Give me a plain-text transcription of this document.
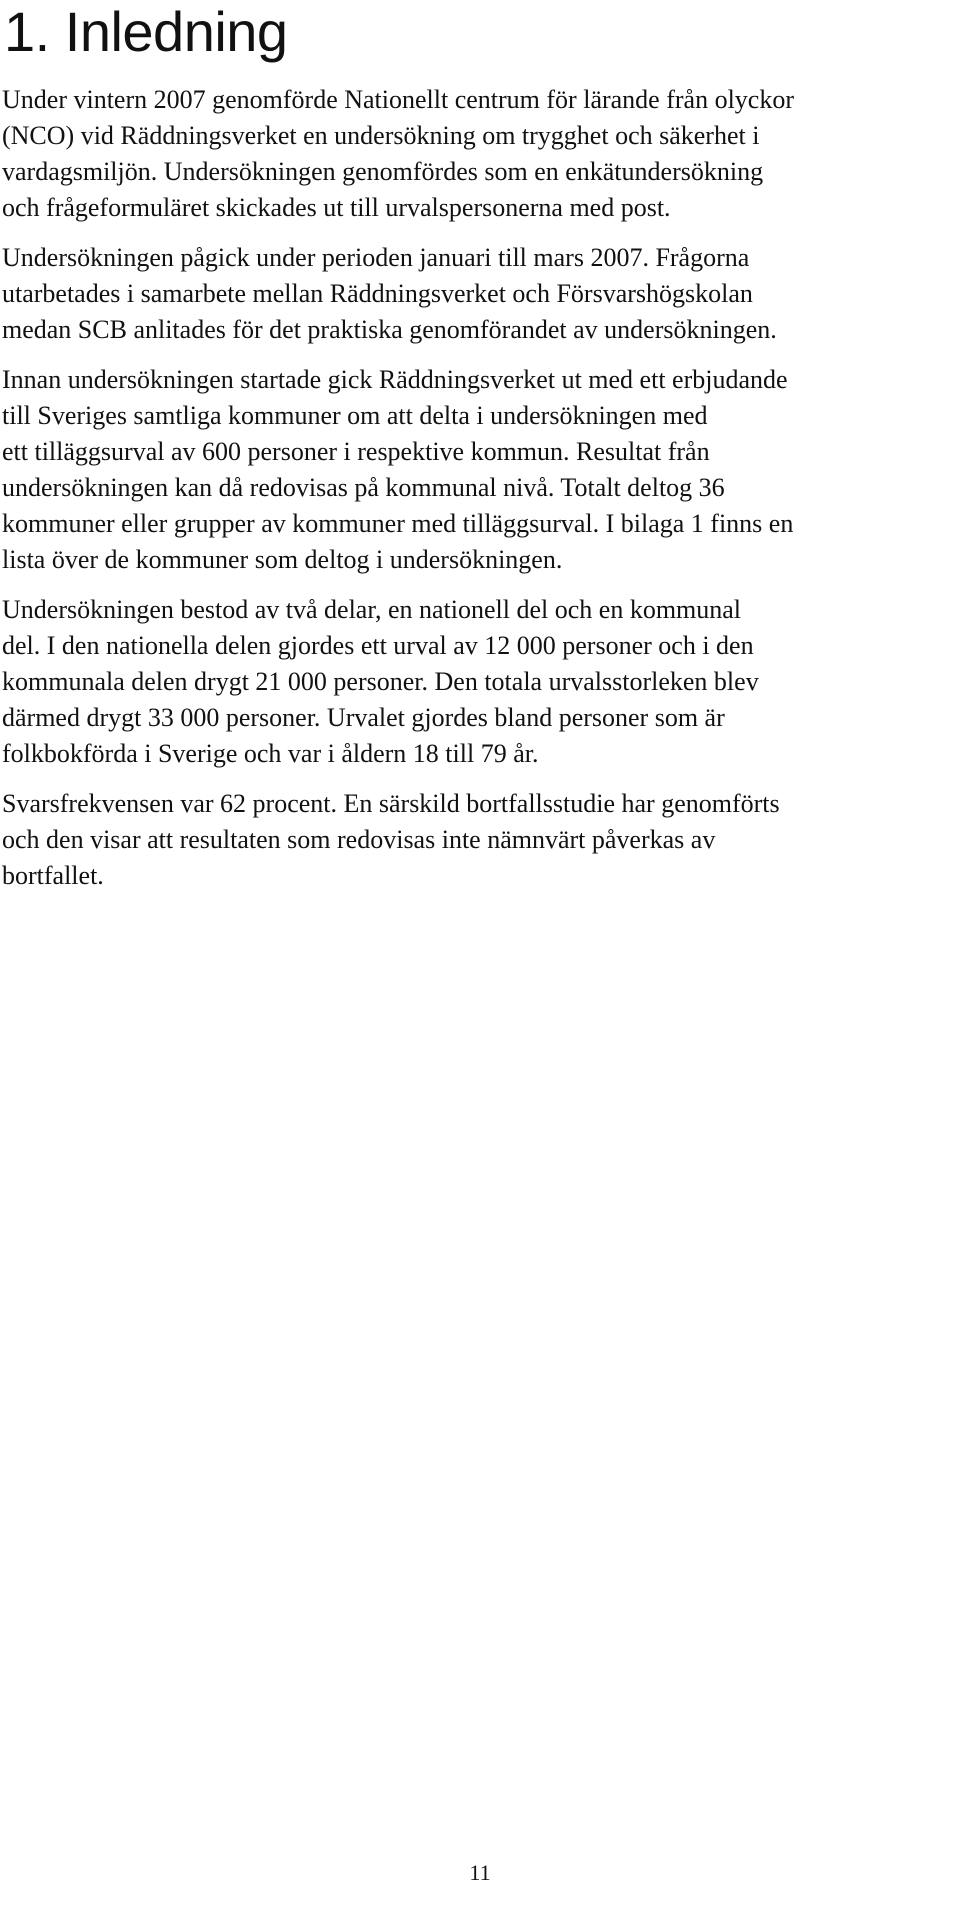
1. Inledning

Under vintern 2007 genomförde Nationellt centrum för lärande från olyckor
(NCO) vid Räddningsverket en undersökning om trygghet och säkerhet i
vardagsmiljön. Undersökningen genomfördes som en enkätundersökning
och frågeformuläret skickades ut till urvalspersonerna med post.

Undersökningen pågick under perioden januari till mars 2007. Frågorna
utarbetades i samarbete mellan Räddningsverket och Försvarshögskolan
medan SCB anlitades för det praktiska genomförandet av undersökningen.

Innan undersökningen startade gick Räddningsverket ut med ett erbjudande
till Sveriges samtliga kommuner om att delta i undersökningen med
ett tilläggsurval av 600 personer i respektive kommun. Resultat från
undersökningen kan då redovisas på kommunal nivå. Totalt deltog 36
kommuner eller grupper av kommuner med tilläggsurval. I bilaga 1 finns en
lista över de kommuner som deltog i undersökningen.

Undersökningen bestod av två delar, en nationell del och en kommunal
del. I den nationella delen gjordes ett urval av 12 000 personer och i den
kommunala delen drygt 21 000 personer. Den totala urvalsstorleken blev
därmed drygt 33 000 personer. Urvalet gjordes bland personer som är
folkbokförda i Sverige och var i åldern 18 till 79 år.

Svarsfrekvensen var 62 procent. En särskild bortfallsstudie har genomförts
och den visar att resultaten som redovisas inte nämnvärt påverkas av
bortfallet.

11
